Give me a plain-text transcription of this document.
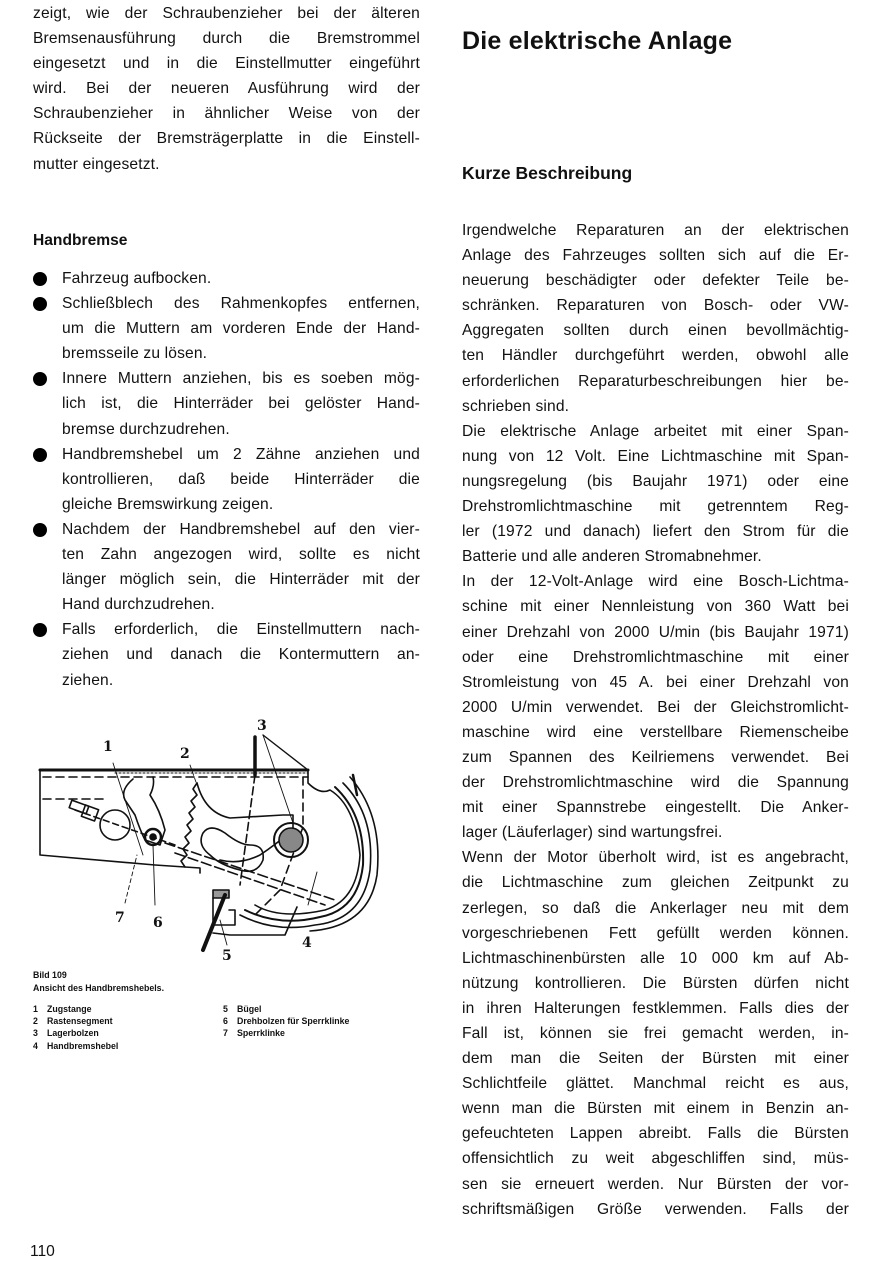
zeigt, wie der Schraubenzieher bei der älteren
Bremsenausführung durch die Bremstrommel
eingesetzt und in die Einstellmutter eingeführt
wird. Bei der neueren Ausführung wird der
Schraubenzieher in ähnlicher Weise von der
Rückseite der Bremsträgerplatte in die Einstell-
mutter eingesetzt.

Handbremse
Fahrzeug aufbocken.
Schließblech des Rahmenkopfes entfernen,
um die Muttern am vorderen Ende der Hand-
bremsseile zu lösen.
Innere Muttern anziehen, bis es soeben mög-
lich ist, die Hinterräder bei gelöster Hand-
bremse durchzudrehen.
Handbremshebel um 2 Zähne anziehen und
kontrollieren, daß beide Hinterräder die
gleiche Bremswirkung zeigen.
Nachdem der Handbremshebel auf den vier-
ten Zahn angezogen wird, sollte es nicht
länger möglich sein, die Hinterräder mit der
Hand durchzudrehen.
Falls erforderlich, die Einstellmuttern nach-
ziehen und danach die Kontermuttern an-
ziehen.
1	2
3
4
5
6
7
Bild 109
Ansicht des Handbremshebels.
1 Zugstange
2 Rastensegment
3 Lagerbolzen
4 Handbremshebel
5 Bügel
6 Drehbolzen für Sperrklinke
7 Sperrklinke
Die elektrische Anlage
Kurze Beschreibung

Irgendwelche Reparaturen an der elektrischen
Anlage des Fahrzeuges sollten sich auf die Er-
neuerung beschädigter oder defekter Teile be-
schränken. Reparaturen von Bosch- oder VW-
Aggregaten sollten durch einen bevollmächtig-
ten Händler durchgeführt werden, obwohl alle
erforderlichen Reparaturbeschreibungen hier be-
schrieben sind.

Die elektrische Anlage arbeitet mit einer Span-
nung von 12 Volt. Eine Lichtmaschine mit Span-
nungsregelung (bis Baujahr 1971) oder eine
Drehstromlichtmaschine mit getrenntem Reg-
ler (1972 und danach) liefert den Strom für die
Batterie und alle anderen Stromabnehmer.

In der 12-Volt-Anlage wird eine Bosch-Lichtma-
schine mit einer Nennleistung von 360 Watt bei
einer Drehzahl von 2000 U/min (bis Baujahr 1971)
oder eine Drehstromlichtmaschine mit einer
Stromleistung von 45 A. bei einer Drehzahl von
2000 U/min verwendet. Bei der Gleichstromlicht-
maschine wird eine verstellbare Riemenscheibe
zum Spannen des Keilriemens verwendet. Bei
der Drehstromlichtmaschine wird die Spannung
mit einer Spannstrebe eingestellt. Die Anker-
lager (Läuferlager) sind wartungsfrei.

Wenn der Motor überholt wird, ist es angebracht,
die Lichtmaschine zum gleichen Zeitpunkt zu
zerlegen, so daß die Ankerlager neu mit dem
vorgeschriebenen Fett gefüllt werden können.
Lichtmaschinenbürsten alle 10 000 km auf Ab-
nützung kontrollieren. Die Bürsten dürfen nicht
in ihren Halterungen festklemmen. Falls dies der
Fall ist, können sie frei gemacht werden, in-
dem man die Seiten der Bürsten mit einer
Schlichtfeile glättet. Manchmal reicht es aus,
wenn man die Bürsten mit einem in Benzin an-
gefeuchteten Lappen abreibt. Falls die Bürsten
offensichtlich zu weit abgeschliffen sind, müs-
sen sie erneuert werden. Nur Bürsten der vor-
schriftsmäßigen Größe verwenden. Falls der

110
